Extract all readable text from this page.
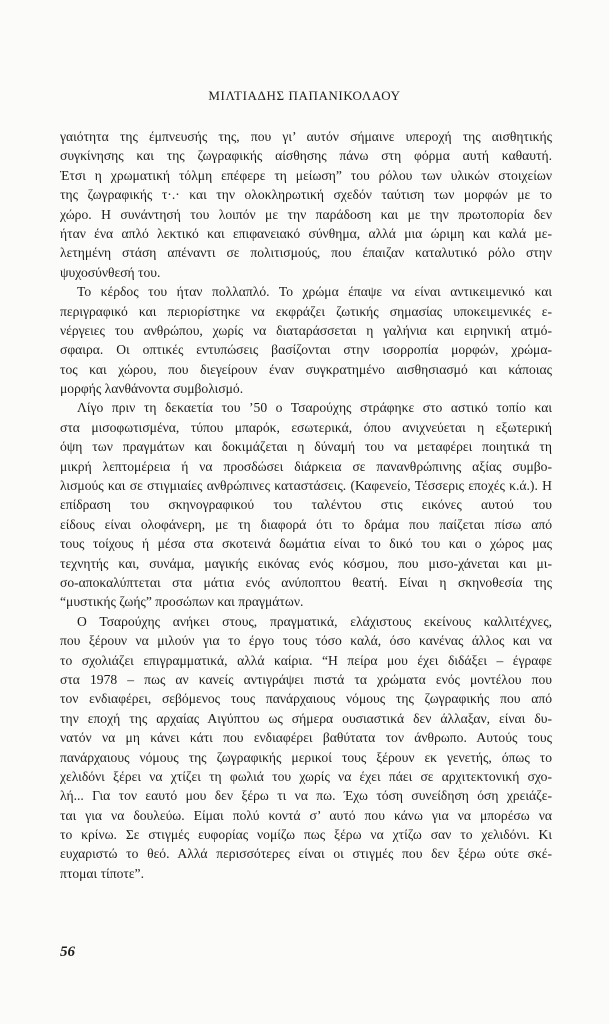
ΜΙΛΤΙΑΔΗΣ ΠΑΠΑΝΙΚΟΛΑΟΥ
γαιότητα της έμπνευσής της, που γι’ αυτόν σήμαινε υπεροχή της αισθητικής
συγκίνησης και της ζωγραφικής αίσθησης πάνω στη φόρμα αυτή καθαυτή.
Έτσι η χρωματική τόλμη επέφερε τη μείωση” του ρόλου των υλικών στοιχείων
της ζωγραφικής τ·.· και την ολοκληρωτική σχεδόν ταύτιση των μορφών με το
χώρο. Η συνάντησή του λοιπόν με την παράδοση και με την πρωτοπορία δεν
ήταν ένα απλό λεκτικό και επιφανειακό σύνθημα, αλλά μια ώριμη και καλά με-
λετημένη στάση απέναντι σε πολιτισμούς, που έπαιζαν καταλυτικό ρόλο στην
ψυχοσύνθεσή του.
Το κέρδος του ήταν πολλαπλό. Το χρώμα έπαψε να είναι αντικειμενικό και
περιγραφικό και περιορίστηκε να εκφράζει ζωτικής σημασίας υποκειμενικές ε-
νέργειες του ανθρώπου, χωρίς να διαταράσσεται η γαλήνια και ειρηνική ατμό-
σφαιρα. Οι οπτικές εντυπώσεις βασίζονται στην ισορροπία μορφών, χρώμα-
τος και χώρου, που διεγείρουν έναν συγκρατημένο αισθησιασμό και κάποιας
μορφής λανθάνοντα συμβολισμό.
Λίγο πριν τη δεκαετία του ’50 ο Τσαρούχης στράφηκε στο αστικό τοπίο και
στα μισοφωτισμένα, τύπου μπαρόκ, εσωτερικά, όπου ανιχνεύεται η εξωτερική
όψη των πραγμάτων και δοκιμάζεται η δύναμή του να μεταφέρει ποιητικά τη
μικρή λεπτομέρεια ή να προσδώσει διάρκεια σε πανανθρώπινης αξίας συμβο-
λισμούς και σε στιγμιαίες ανθρώπινες καταστάσεις. (Καφενείο, Τέσσερις εποχές κ.ά.). Η επίδραση του σκηνογραφικού του ταλέντου στις εικόνες αυτού του
είδους είναι ολοφάνερη, με τη διαφορά ότι το δράμα που παίζεται πίσω από
τους τοίχους ή μέσα στα σκοτεινά δωμάτια είναι το δικό του και ο χώρος μας
τεχνητής και, συνάμα, μαγικής εικόνας ενός κόσμου, που μισο-χάνεται και μι-
σο-αποκαλύπτεται στα μάτια ενός ανύποπτου θεατή. Είναι η σκηνοθεσία της
“μυστικής ζωής” προσώπων και πραγμάτων.
Ο Τσαρούχης ανήκει στους, πραγματικά, ελάχιστους εκείνους καλλιτέχνες,
που ξέρουν να μιλούν για το έργο τους τόσο καλά, όσο κανένας άλλος και να
το σχολιάζει επιγραμματικά, αλλά καίρια. “Η πείρα μου έχει διδάξει – έγραφε
στα 1978 – πως αν κανείς αντιγράψει πιστά τα χρώματα ενός μοντέλου που
τον ενδιαφέρει, σεβόμενος τους πανάρχαιους νόμους της ζωγραφικής που από
την εποχή της αρχαίας Αιγύπτου ως σήμερα ουσιαστικά δεν άλλαξαν, είναι δυ-
νατόν να μη κάνει κάτι που ενδιαφέρει βαθύτατα τον άνθρωπο. Αυτούς τους
πανάρχαιους νόμους της ζωγραφικής μερικοί τους ξέρουν εκ γενετής, όπως το
χελιδόνι ξέρει να χτίζει τη φωλιά του χωρίς να έχει πάει σε αρχιτεκτονική σχο-
λή... Για τον εαυτό μου δεν ξέρω τι να πω. Έχω τόση συνείδηση όση χρειάζε-
ται για να δουλεύω. Είμαι πολύ κοντά σ’ αυτό που κάνω για να μπορέσω να
το κρίνω. Σε στιγμές ευφορίας νομίζω πως ξέρω να χτίζω σαν το χελιδόνι. Κι
ευχαριστώ το θεό. Αλλά περισσότερες είναι οι στιγμές που δεν ξέρω ούτε σκέ-
πτομαι τίποτε”.
56
